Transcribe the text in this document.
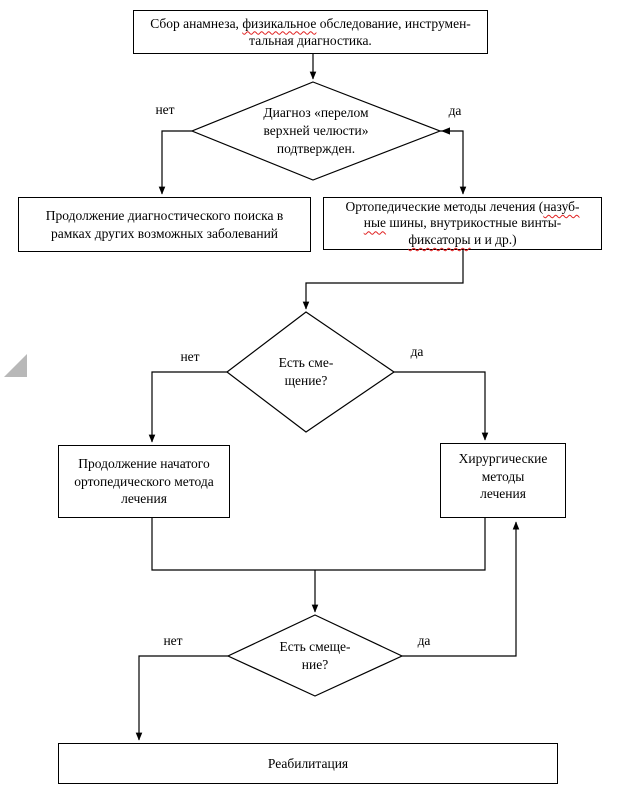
Сбор анамнеза, физикальное обследование, инструмен-
тальная диагностика.
Продолжение диагностического поиска в
рамках других возможных заболеваний
Ортопедические методы лечения (назуб-
ные шины, внутрикостные винты-
фиксаторы и и др.)
Продолжение начатого
ортопедического метода
лечения
Хирургические
методы
лечения
Реабилитация
Диагноз «перелом
верхней челюсти»
подтвержден.
Есть сме-
щение?
Есть смеще-
ние?
нет	да
нет	да
нет	да
